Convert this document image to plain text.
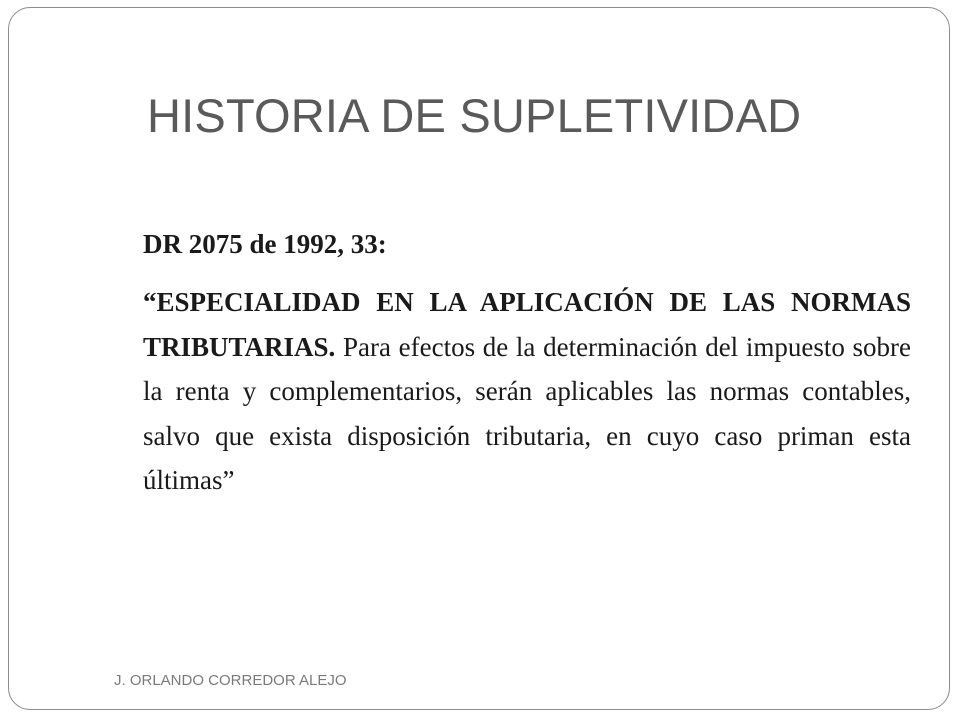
HISTORIA DE SUPLETIVIDAD

DR 2075 de 1992, 33:

“ESPECIALIDAD EN LA APLICACIÓN DE LAS NORMAS TRIBUTARIAS. Para efectos de la determinación del impuesto sobre la renta y complementarios, serán aplicables las normas contables, salvo que exista disposición tributaria, en cuyo caso priman esta últimas”

J. ORLANDO CORREDOR ALEJO
